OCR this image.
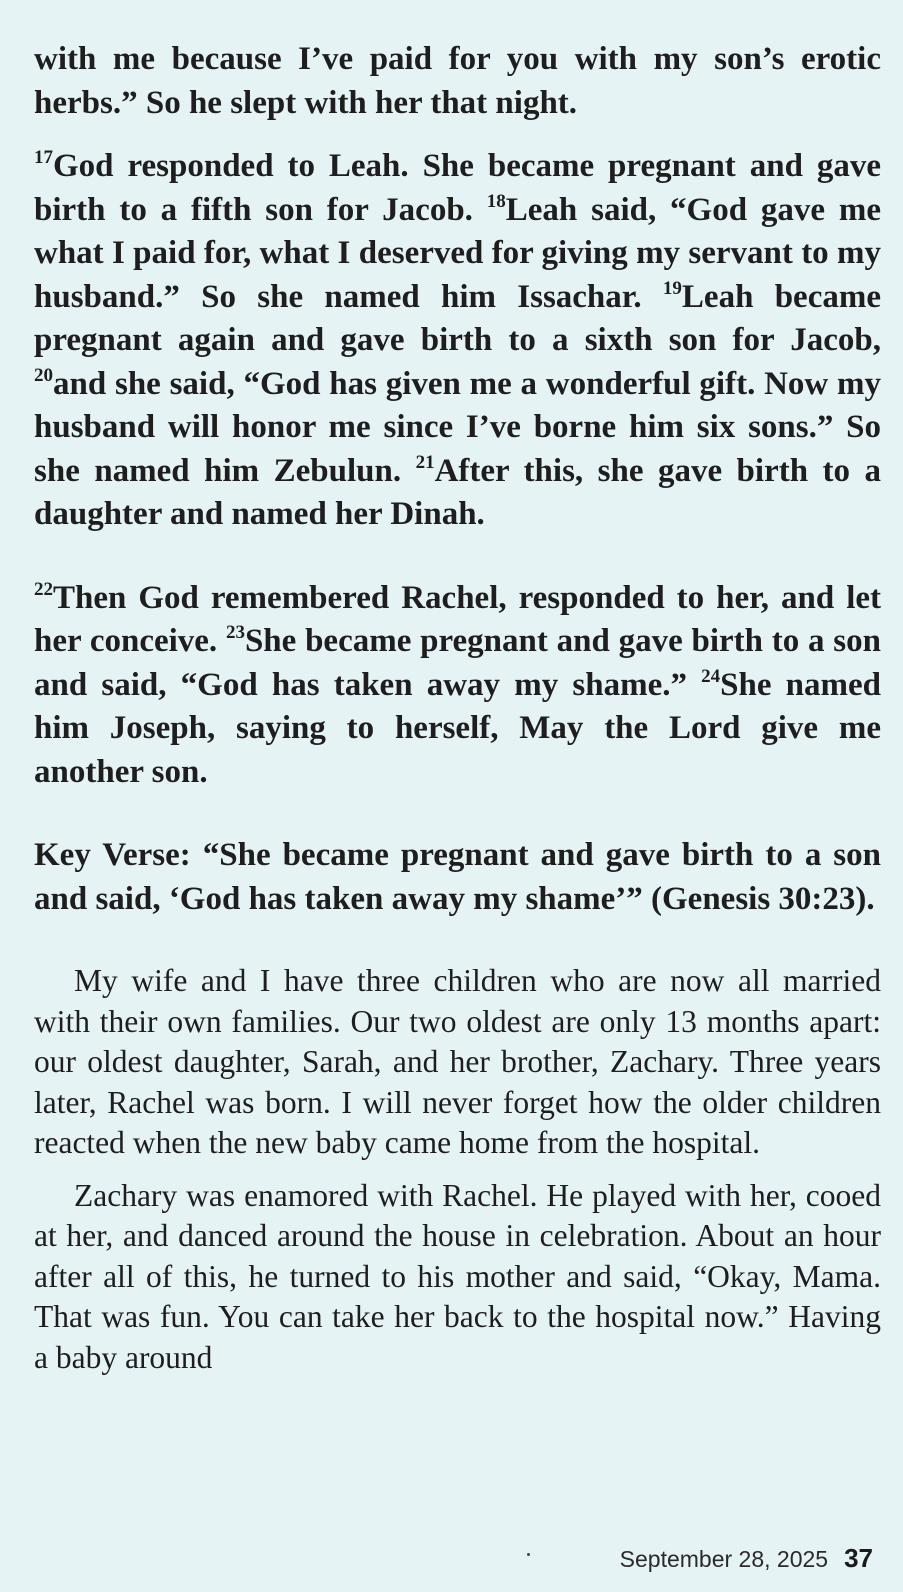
with me because I’ve paid for you with my son’s erotic herbs.” So he slept with her that night.

$^{17}$God responded to Leah. She became pregnant and gave birth to a fifth son for Jacob. $^{18}$Leah said, “God gave me what I paid for, what I deserved for giving my servant to my husband.” So she named him Issachar. $^{19}$Leah became pregnant again and gave birth to a sixth son for Jacob, $^{20}$and she said, “God has given me a wonderful gift. Now my husband will honor me since I’ve borne him six sons.” So she named him Zebulun. $^{21}$After this, she gave birth to a daughter and named her Dinah.

$^{22}$Then God remembered Rachel, responded to her, and let her conceive. $^{23}$She became pregnant and gave birth to a son and said, “God has taken away my shame.” $^{24}$She named him Joseph, saying to herself, May the Lord give me another son.

Key Verse: “She became pregnant and gave birth to a son and said, ‘God has taken away my shame’” (Genesis 30:23).

My wife and I have three children who are now all married with their own families. Our two oldest are only 13 months apart: our oldest daughter, Sarah, and her brother, Zachary. Three years later, Rachel was born. I will never forget how the older children reacted when the new baby came home from the hospital.

Zachary was enamored with Rachel. He played with her, cooed at her, and danced around the house in celebration. About an hour after all of this, he turned to his mother and said, “Okay, Mama. That was fun. You can take her back to the hospital now.” Having a baby around

September 28, 2025 37
